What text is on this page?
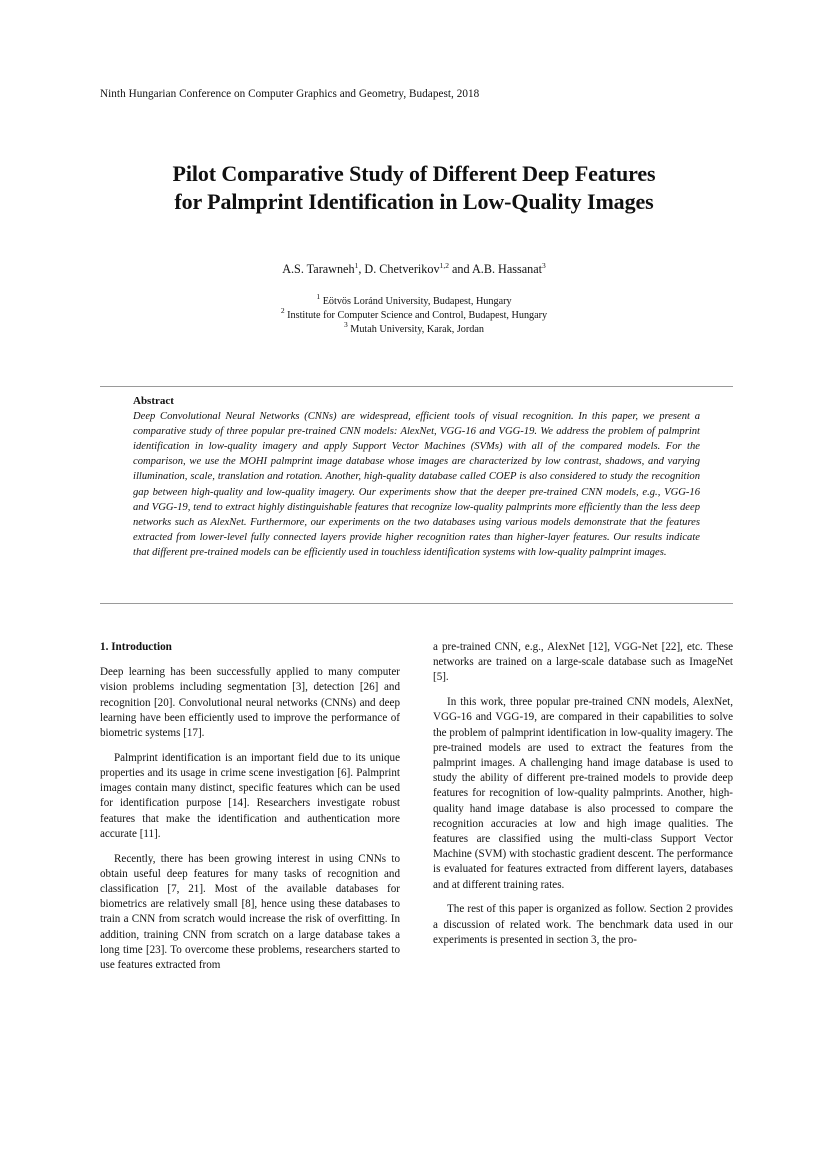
Ninth Hungarian Conference on Computer Graphics and Geometry, Budapest, 2018
Pilot Comparative Study of Different Deep Features
for Palmprint Identification in Low-Quality Images
A.S. Tarawneh$^1$, D. Chetverikov$^{1,2}$ and A.B. Hassanat$^3$
$^1$ Eötvös Loránd University, Budapest, Hungary
$^2$ Institute for Computer Science and Control, Budapest, Hungary
$^3$ Mutah University, Karak, Jordan
Abstract
Deep Convolutional Neural Networks (CNNs) are widespread, efficient tools of visual recognition. In this paper, we present a comparative study of three popular pre-trained CNN models: AlexNet, VGG-16 and VGG-19. We address the problem of palmprint identification in low-quality imagery and apply Support Vector Machines (SVMs) with all of the compared models. For the comparison, we use the MOHI palmprint image database whose images are characterized by low contrast, shadows, and varying illumination, scale, translation and rotation. Another, high-quality database called COEP is also considered to study the recognition gap between high-quality and low-quality imagery. Our experiments show that the deeper pre-trained CNN models, e.g., VGG-16 and VGG-19, tend to extract highly distinguishable features that recognize low-quality palmprints more efficiently than the less deep networks such as AlexNet. Furthermore, our experiments on the two databases using various models demonstrate that the features extracted from lower-level fully connected layers provide higher recognition rates than higher-layer features. Our results indicate that different pre-trained models can be efficiently used in touchless identification systems with low-quality palmprint images.
1. Introduction

Deep learning has been successfully applied to many computer vision problems including segmentation [3], detection [26] and recognition [20]. Convolutional neural networks (CNNs) and deep learning have been efficiently used to improve the performance of biometric systems [17].

Palmprint identification is an important field due to its unique properties and its usage in crime scene investigation [6]. Palmprint images contain many distinct, specific features which can be used for identification purpose [14]. Researchers investigate robust features that make the identification and authentication more accurate [11].

Recently, there has been growing interest in using CNNs to obtain useful deep features for many tasks of recognition and classification [7, 21]. Most of the available databases for biometrics are relatively small [8], hence using these databases to train a CNN from scratch would increase the risk of overfitting. In addition, training CNN from scratch on a large database takes a long time [23]. To overcome these problems, researchers started to use features extracted from

a pre-trained CNN, e.g., AlexNet [12], VGG-Net [22], etc. These networks are trained on a large-scale database such as ImageNet [5].

In this work, three popular pre-trained CNN models, AlexNet, VGG-16 and VGG-19, are compared in their capabilities to solve the problem of palmprint identification in low-quality imagery. The pre-trained models are used to extract the features from the palmprint images. A challenging hand image database is used to study the ability of different pre-trained models to provide deep features for recognition of low-quality palmprints. Another, high-quality hand image database is also processed to compare the recognition accuracies at low and high image qualities. The features are classified using the multi-class Support Vector Machine (SVM) with stochastic gradient descent. The performance is evaluated for features extracted from different layers, databases and at different training rates.

The rest of this paper is organized as follow. Section 2 provides a discussion of related work. The benchmark data used in our experiments is presented in section 3, the pro-
